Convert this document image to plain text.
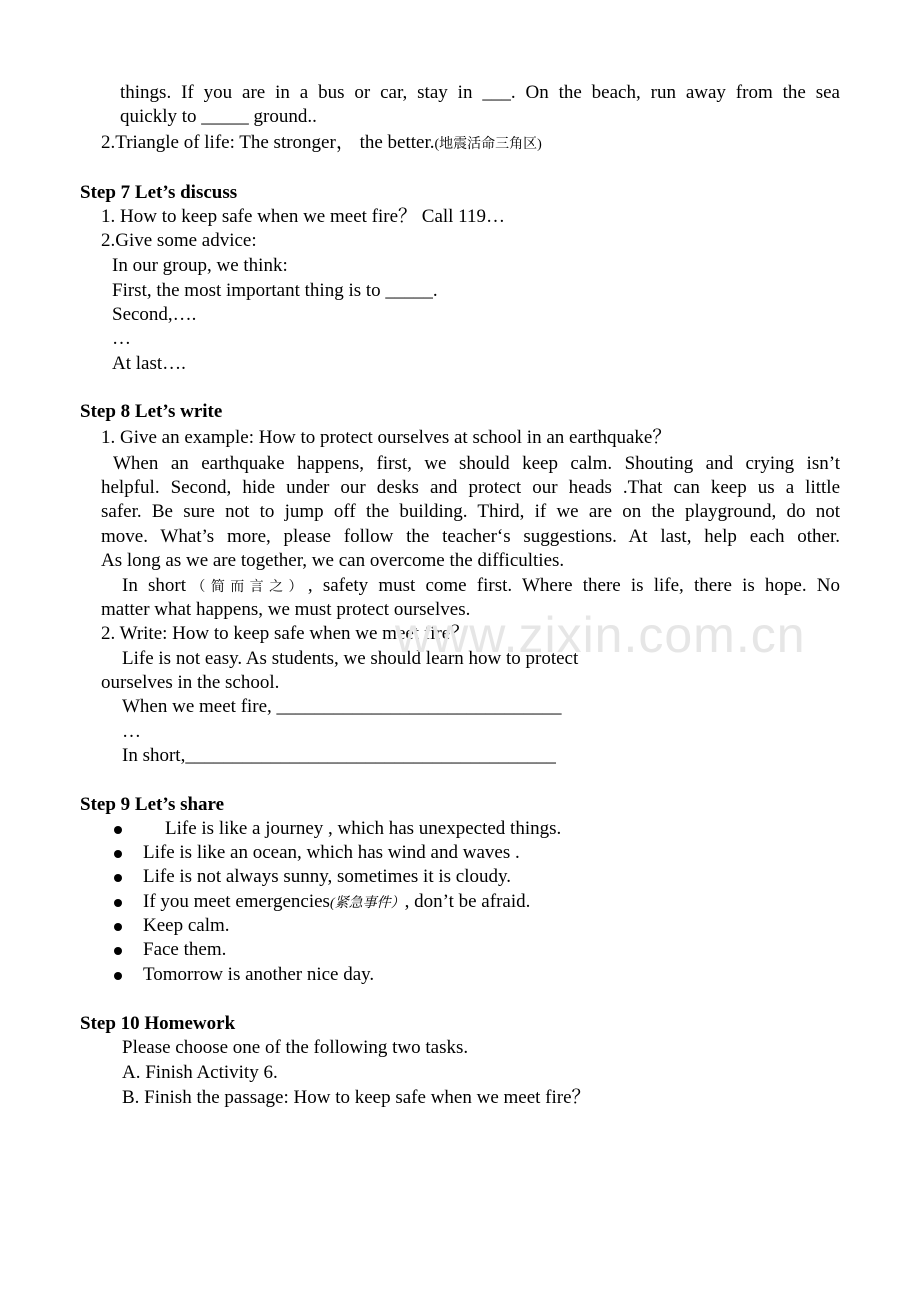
things. If you are in a bus or car, stay in ___. On the beach, run away from the sea
quickly to _____ ground..
2.Triangle of life: The stronger， the better.(地震活命三角区)
Step 7 Let’s discuss
1. How to keep safe when we meet fire？ Call 119…
2.Give some advice:
In our group, we think:
First, the most important thing is to _____.
Second,….
…
At last….
Step 8 Let’s write
1. Give an example: How to protect ourselves at school in an earthquake？
When an earthquake happens, first, we should keep calm. Shouting and crying isn’t
helpful. Second, hide under our desks and protect our heads .That can keep us a little
safer. Be sure not to jump off the building. Third, if we are on the playground, do not
move. What’s more, please follow the teacher‘s suggestions. At last, help each other.
As long as we are together, we can overcome the difficulties.
In short（简而言之）, safety must come first. Where there is life, there is hope. No
matter what happens, we must protect ourselves.
2. Write: How to keep safe when we meet fire？
Life is not easy. As students, we should learn how to protect
ourselves in the school.
When we meet fire, ______________________________
…
In short,_______________________________________
Step 9 Let’s share
Life is like a journey , which has unexpected things.
Life is like an ocean, which has wind and waves .
Life is not always sunny, sometimes it is cloudy.
If you meet emergencies(紧急事件）, don’t be afraid.
Keep calm.
Face them.
Tomorrow is another nice day.
Step 10 Homework
Please choose one of the following two tasks.
A. Finish Activity 6.
B. Finish the passage: How to keep safe when we meet fire？
www.zixin.com.cn
